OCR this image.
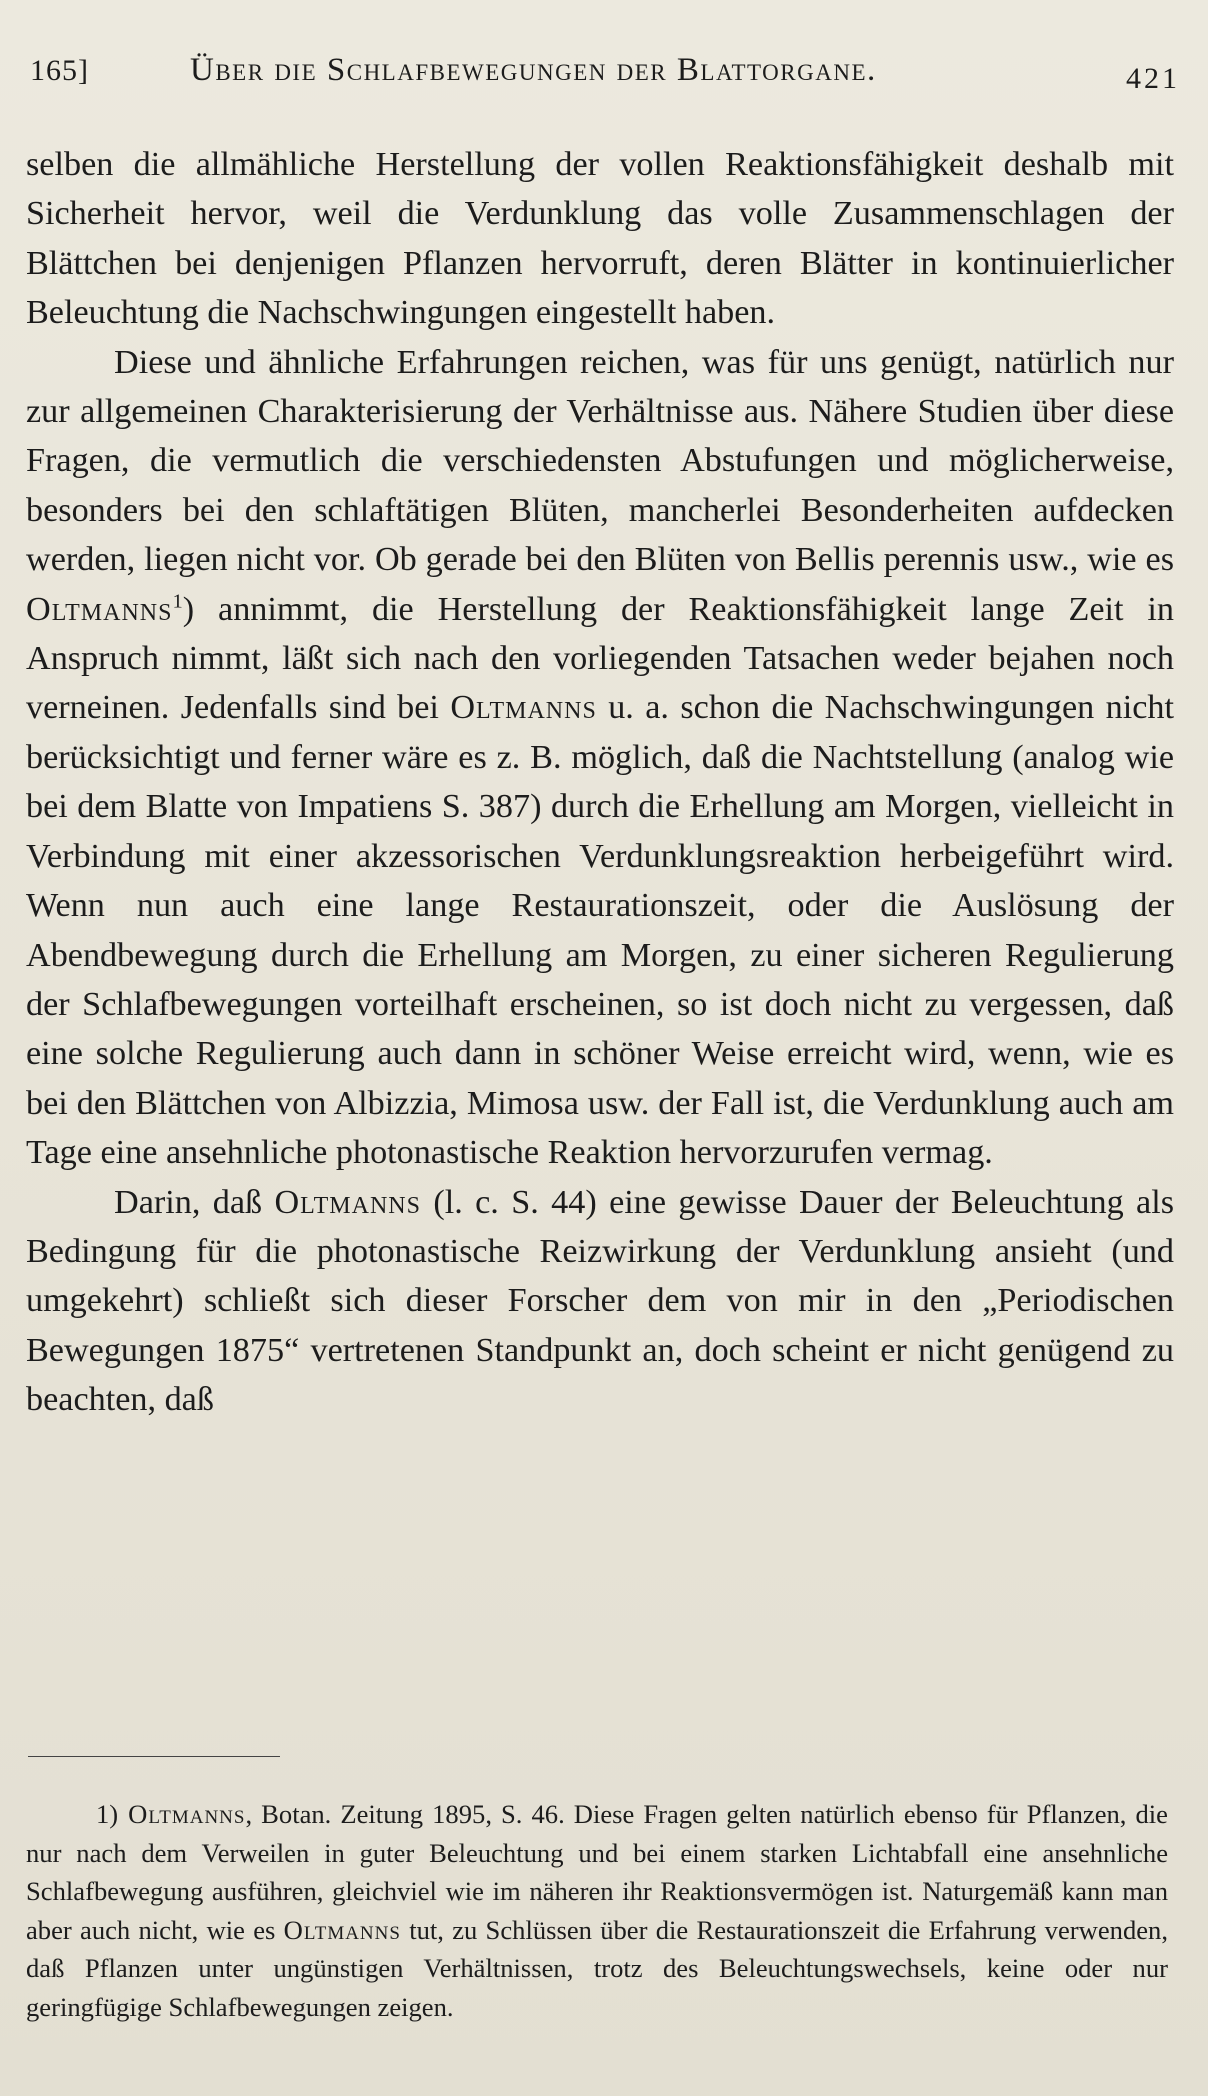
165]	Über die Schlafbewegungen der Blattorgane.	421

selben die allmähliche Herstellung der vollen Reaktionsfähigkeit deshalb mit Sicherheit hervor, weil die Verdunklung das volle Zusammenschlagen der Blättchen bei denjenigen Pflanzen hervorruft, deren Blätter in kontinuierlicher Beleuchtung die Nachschwingungen eingestellt haben.

Diese und ähnliche Erfahrungen reichen, was für uns genügt, natürlich nur zur allgemeinen Charakterisierung der Verhältnisse aus. Nähere Studien über diese Fragen, die vermutlich die verschiedensten Abstufungen und möglicherweise, besonders bei den schlaftätigen Blüten, mancherlei Besonderheiten aufdecken werden, liegen nicht vor. Ob gerade bei den Blüten von Bellis perennis usw., wie es Oltmanns$^1$) annimmt, die Herstellung der Reaktionsfähigkeit lange Zeit in Anspruch nimmt, läßt sich nach den vorliegenden Tatsachen weder bejahen noch verneinen. Jedenfalls sind bei Oltmanns u. a. schon die Nachschwingungen nicht berücksichtigt und ferner wäre es z. B. möglich, daß die Nachtstellung (analog wie bei dem Blatte von Impatiens S. 387) durch die Erhellung am Morgen, vielleicht in Verbindung mit einer akzessorischen Verdunklungsreaktion herbeigeführt wird. Wenn nun auch eine lange Restaurationszeit, oder die Auslösung der Abendbewegung durch die Erhellung am Morgen, zu einer sicheren Regulierung der Schlafbewegungen vorteilhaft erscheinen, so ist doch nicht zu vergessen, daß eine solche Regulierung auch dann in schöner Weise erreicht wird, wenn, wie es bei den Blättchen von Albizzia, Mimosa usw. der Fall ist, die Verdunklung auch am Tage eine ansehnliche photonastische Reaktion hervorzurufen vermag.

Darin, daß Oltmanns (l. c. S. 44) eine gewisse Dauer der Beleuchtung als Bedingung für die photonastische Reizwirkung der Verdunklung ansieht (und umgekehrt) schließt sich dieser Forscher dem von mir in den „Periodischen Bewegungen 1875“ vertretenen Standpunkt an, doch scheint er nicht genügend zu beachten, daß

1) Oltmanns, Botan. Zeitung 1895, S. 46. Diese Fragen gelten natürlich ebenso für Pflanzen, die nur nach dem Verweilen in guter Beleuchtung und bei einem starken Lichtabfall eine ansehnliche Schlafbewegung ausführen, gleichviel wie im näheren ihr Reaktionsvermögen ist. Naturgemäß kann man aber auch nicht, wie es Oltmanns tut, zu Schlüssen über die Restaurationszeit die Erfahrung verwenden, daß Pflanzen unter ungünstigen Verhältnissen, trotz des Beleuchtungswechsels, keine oder nur geringfügige Schlafbewegungen zeigen.
